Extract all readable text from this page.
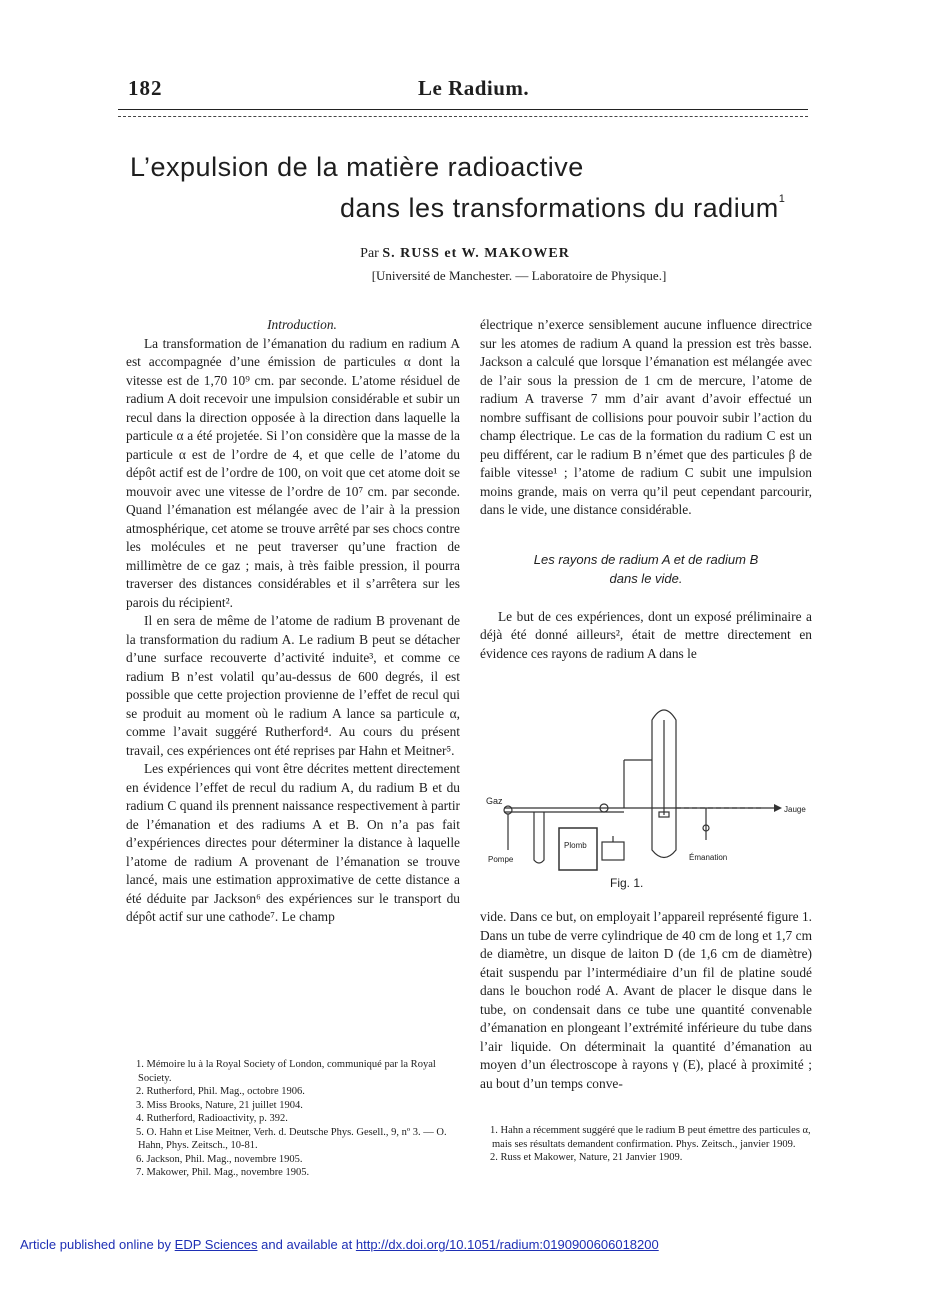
182	Le Radium.
L’expulsion de la matière radioactive
dans les transformations du radium$^1$
Par S. RUSS et W. MAKOWER
[Université de Manchester. — Laboratoire de Physique.]

Introduction.

La transformation de l’émanation du radium en radium A est accompagnée d’une émission de particules α dont la vitesse est de 1,70 10⁹ cm. par seconde. L’atome résiduel de radium A doit recevoir une impulsion considérable et subir un recul dans la direction opposée à la direction dans laquelle la particule α a été projetée. Si l’on considère que la masse de la particule α est de l’ordre de 4, et que celle de l’atome du dépôt actif est de l’ordre de 100, on voit que cet atome doit se mouvoir avec une vitesse de l’ordre de 10⁷ cm. par seconde. Quand l’émanation est mélangée avec de l’air à la pression atmosphérique, cet atome se trouve arrêté par ses chocs contre les molécules et ne peut traverser qu’une fraction de millimètre de ce gaz ; mais, à très faible pression, il pourra traverser des distances considérables et il s’arrêtera sur les parois du récipient².

Il en sera de même de l’atome de radium B provenant de la transformation du radium A. Le radium B peut se détacher d’une surface recouverte d’activité induite³, et comme ce radium B n’est volatil qu’au-dessus de 600 degrés, il est possible que cette projection provienne de l’effet de recul qui se produit au moment où le radium A lance sa particule α, comme l’avait suggéré Rutherford⁴. Au cours du présent travail, ces expériences ont été reprises par Hahn et Meitner⁵.

Les expériences qui vont être décrites mettent directement en évidence l’effet de recul du radium A, du radium B et du radium C quand ils prennent naissance respectivement à partir de l’émanation et des radiums A et B. On n’a pas fait d’expériences directes pour déterminer la distance à laquelle l’atome de radium A provenant de l’émanation se trouve lancé, mais une estimation approximative de cette distance a été déduite par Jackson⁶ des expériences sur le transport du dépôt actif sur une cathode⁷. Le champ

1. Mémoire lu à la Royal Society of London, communiqué par la Royal Society.
2. Rutherford, Phil. Mag., octobre 1906.
3. Miss Brooks, Nature, 21 juillet 1904.
4. Rutherford, Radioactivity, p. 392.
5. O. Hahn et Lise Meitner, Verh. d. Deutsche Phys. Gesell., 9, nº 3. — O. Hahn, Phys. Zeitsch., 10-81.
6. Jackson, Phil. Mag., novembre 1905.
7. Makower, Phil. Mag., novembre 1905.

électrique n’exerce sensiblement aucune influence directrice sur les atomes de radium A quand la pression est très basse. Jackson a calculé que lorsque l’émanation est mélangée avec de l’air sous la pression de 1 cm de mercure, l’atome de radium A traverse 7 mm d’air avant d’avoir effectué un nombre suffisant de collisions pour pouvoir subir l’action du champ électrique. Le cas de la formation du radium C est un peu différent, car le radium B n’émet que des particules β de faible vitesse¹ ; l’atome de radium C subit une impulsion moins grande, mais on verra qu’il peut cependant parcourir, dans le vide, une distance considérable.

Les rayons de radium A et de radium B
dans le vide.

Le but de ces expériences, dont un exposé préliminaire a déjà été donné ailleurs², était de mettre directement en évidence ces rayons de radium A dans le

Gaz
Pompe
Plomb
Émanation
Jauge
Fig. 1.

vide. Dans ce but, on employait l’appareil représenté figure 1. Dans un tube de verre cylindrique de 40 cm de long et 1,7 cm de diamètre, un disque de laiton D (de 1,6 cm de diamètre) était suspendu par l’intermédiaire d’un fil de platine soudé dans le bouchon rodé A. Avant de placer le disque dans le tube, on condensait dans ce tube une quantité convenable d’émanation en plongeant l’extrémité inférieure du tube dans l’air liquide. On déterminait la quantité d’émanation au moyen d’un électroscope à rayons γ (E), placé à proximité ; au bout d’un temps conve-

1. Hahn a récemment suggéré que le radium B peut émettre des particules α, mais ses résultats demandent confirmation. Phys. Zeitsch., janvier 1909.
2. Russ et Makower, Nature, 21 Janvier 1909.
Article published online by EDP Sciences and available at http://dx.doi.org/10.1051/radium:0190900606018200
